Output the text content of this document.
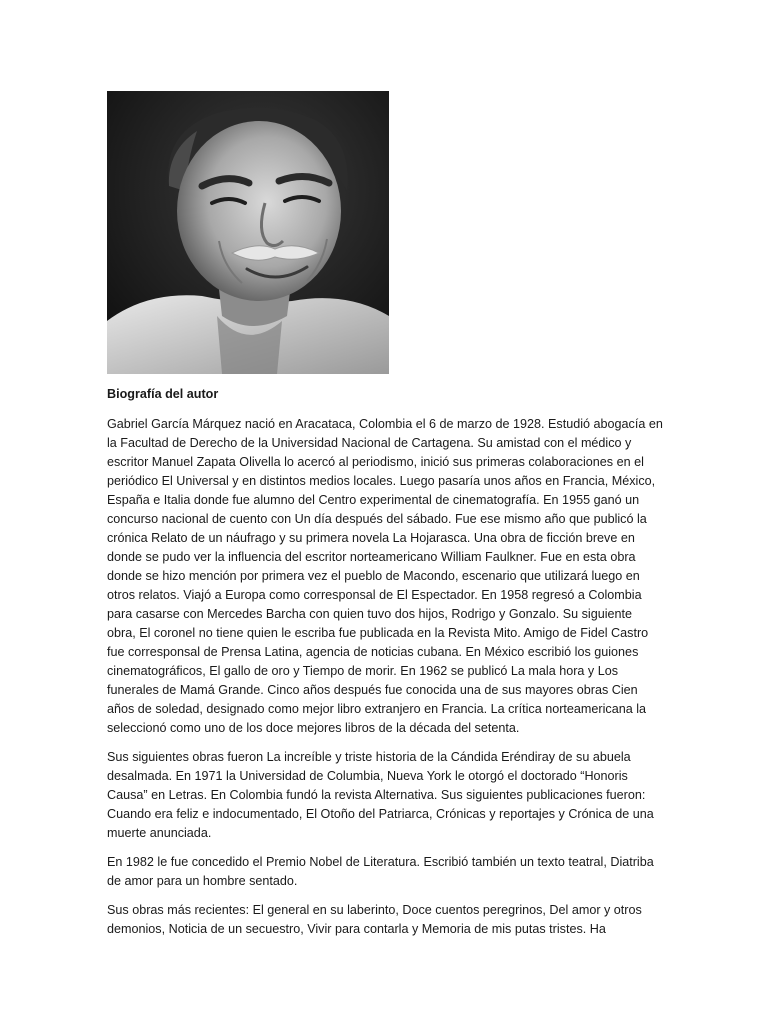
Biografía del autor

Gabriel García Márquez nació en Aracataca, Colombia el 6 de marzo de 1928. Estudió abogacía en la Facultad de Derecho de la Universidad Nacional de Cartagena. Su amistad con el médico y escritor Manuel Zapata Olivella lo acercó al periodismo, inició sus primeras colaboraciones en el periódico El Universal y en distintos medios locales. Luego pasaría unos años en Francia, México, España e Italia donde fue alumno del Centro experimental de cinematografía. En 1955 ganó un concurso nacional de cuento con Un día después del sábado. Fue ese mismo año que publicó la crónica Relato de un náufrago y su primera novela La Hojarasca. Una obra de ficción breve en donde se pudo ver la influencia del escritor norteamericano William Faulkner. Fue en esta obra donde se hizo mención por primera vez el pueblo de Macondo, escenario que utilizará luego en otros relatos. Viajó a Europa como corresponsal de El Espectador. En 1958 regresó a Colombia para casarse con Mercedes Barcha con quien tuvo dos hijos, Rodrigo y Gonzalo. Su siguiente obra, El coronel no tiene quien le escriba fue publicada en la Revista Mito. Amigo de Fidel Castro fue corresponsal de Prensa Latina, agencia de noticias cubana. En México escribió los guiones cinematográficos, El gallo de oro y Tiempo de morir. En 1962 se publicó La mala hora y Los funerales de Mamá Grande. Cinco años después fue conocida una de sus mayores obras Cien años de soledad, designado como mejor libro extranjero en Francia. La crítica norteamericana la seleccionó como uno de los doce mejores libros de la década del setenta.

Sus siguientes obras fueron La increíble y triste historia de la Cándida Eréndiray de su abuela desalmada. En 1971 la Universidad de Columbia, Nueva York le otorgó el doctorado “Honoris Causa” en Letras. En Colombia fundó la revista Alternativa. Sus siguientes publicaciones fueron: Cuando era feliz e indocumentado, El Otoño del Patriarca, Crónicas y reportajes y Crónica de una muerte anunciada.

En 1982 le fue concedido el Premio Nobel de Literatura. Escribió también un texto teatral, Diatriba de amor para un hombre sentado.

Sus obras más recientes: El general en su laberinto, Doce cuentos peregrinos, Del amor y otros demonios, Noticia de un secuestro, Vivir para contarla y Memoria de mis putas tristes. Ha
